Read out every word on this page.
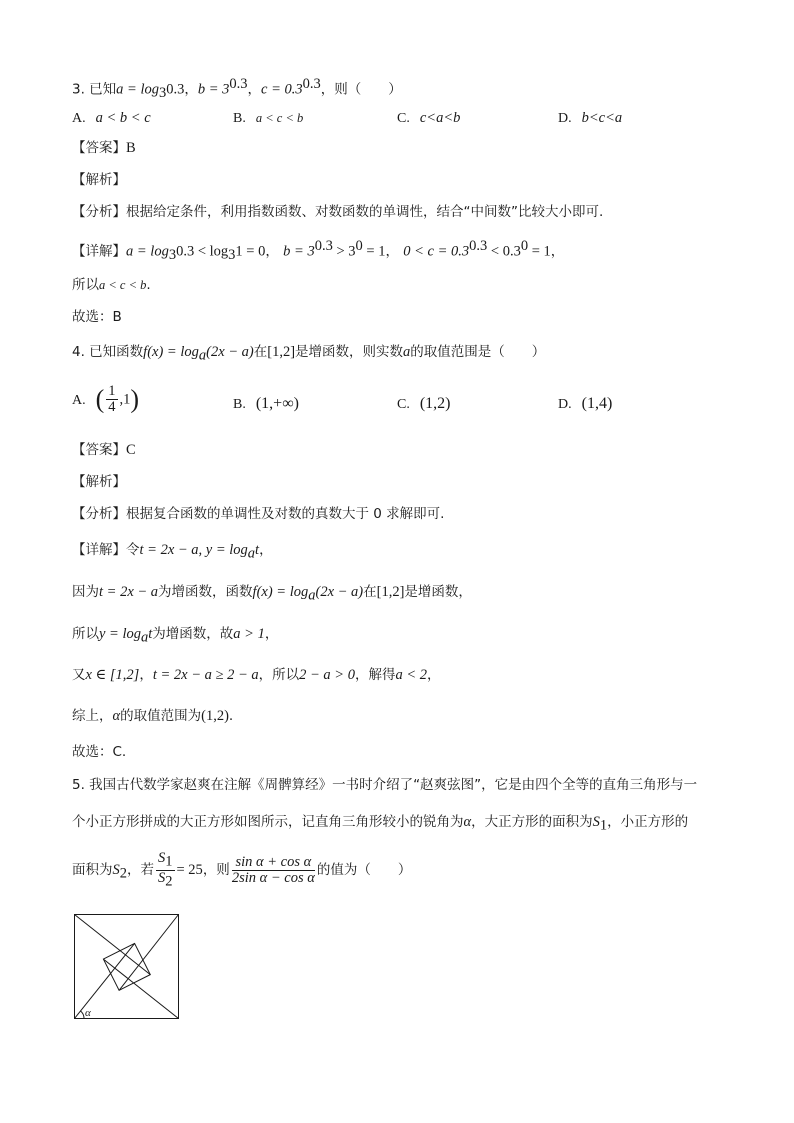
3. 已知$a = \log_30.3$，$b = 3^{0.3}$，$c = 0.3^{0.3}$，则（　　）
A. a < b < c	B. a < c < b	C. c<a<b	D. b<c<a
【答案】B
【解析】
【分析】根据给定条件，利用指数函数、对数函数的单调性，结合“中间数”比较大小即可.
【详解】$a = \log_30.3 < \log_31 = 0$， $b = 3^{0.3} > 3^0 = 1$， $0 < c = 0.3^{0.3} < 0.3^0 = 1$，
所以a < c < b.
故选：B
4. 已知函数$f(x) = \log_a(2x - a)$在[1,2]是增函数，则实数a的取值范围是（　　）
A. ( $\frac{1}{4} ,1$)	B. (1,+∞)	C. (1,2)	D. (1,4)
【答案】C
【解析】
【分析】根据复合函数的单调性及对数的真数大于 0 求解即可.
【详解】令t = 2x − a, $y = \log_at$，
因为t = 2x − a为增函数，函数$f(x) = \log_a(2x - a)$在[1,2]是增函数，
所以$y = \log_at$为增函数，故a > 1，
又x ∈ [1,2]，t = 2x − a ≥ 2 − a，所以2 − a > 0，解得a < 2，
综上，α的取值范围为(1,2).
故选：C.
5. 我国古代数学家赵爽在注解《周髀算经》一书时介绍了“赵爽弦图”，它是由四个全等的直角三角形与一
个小正方形拼成的大正方形如图所示，记直角三角形较小的锐角为α，大正方形的面积为$S_1$，小正方形的
面积为$S_2$，若 $\frac{S_1}{S_2} = 25$，则 $\frac{\text{sin α + cos α}}{\text{2sin α − cos α}}$ 的值为（　　）
α
